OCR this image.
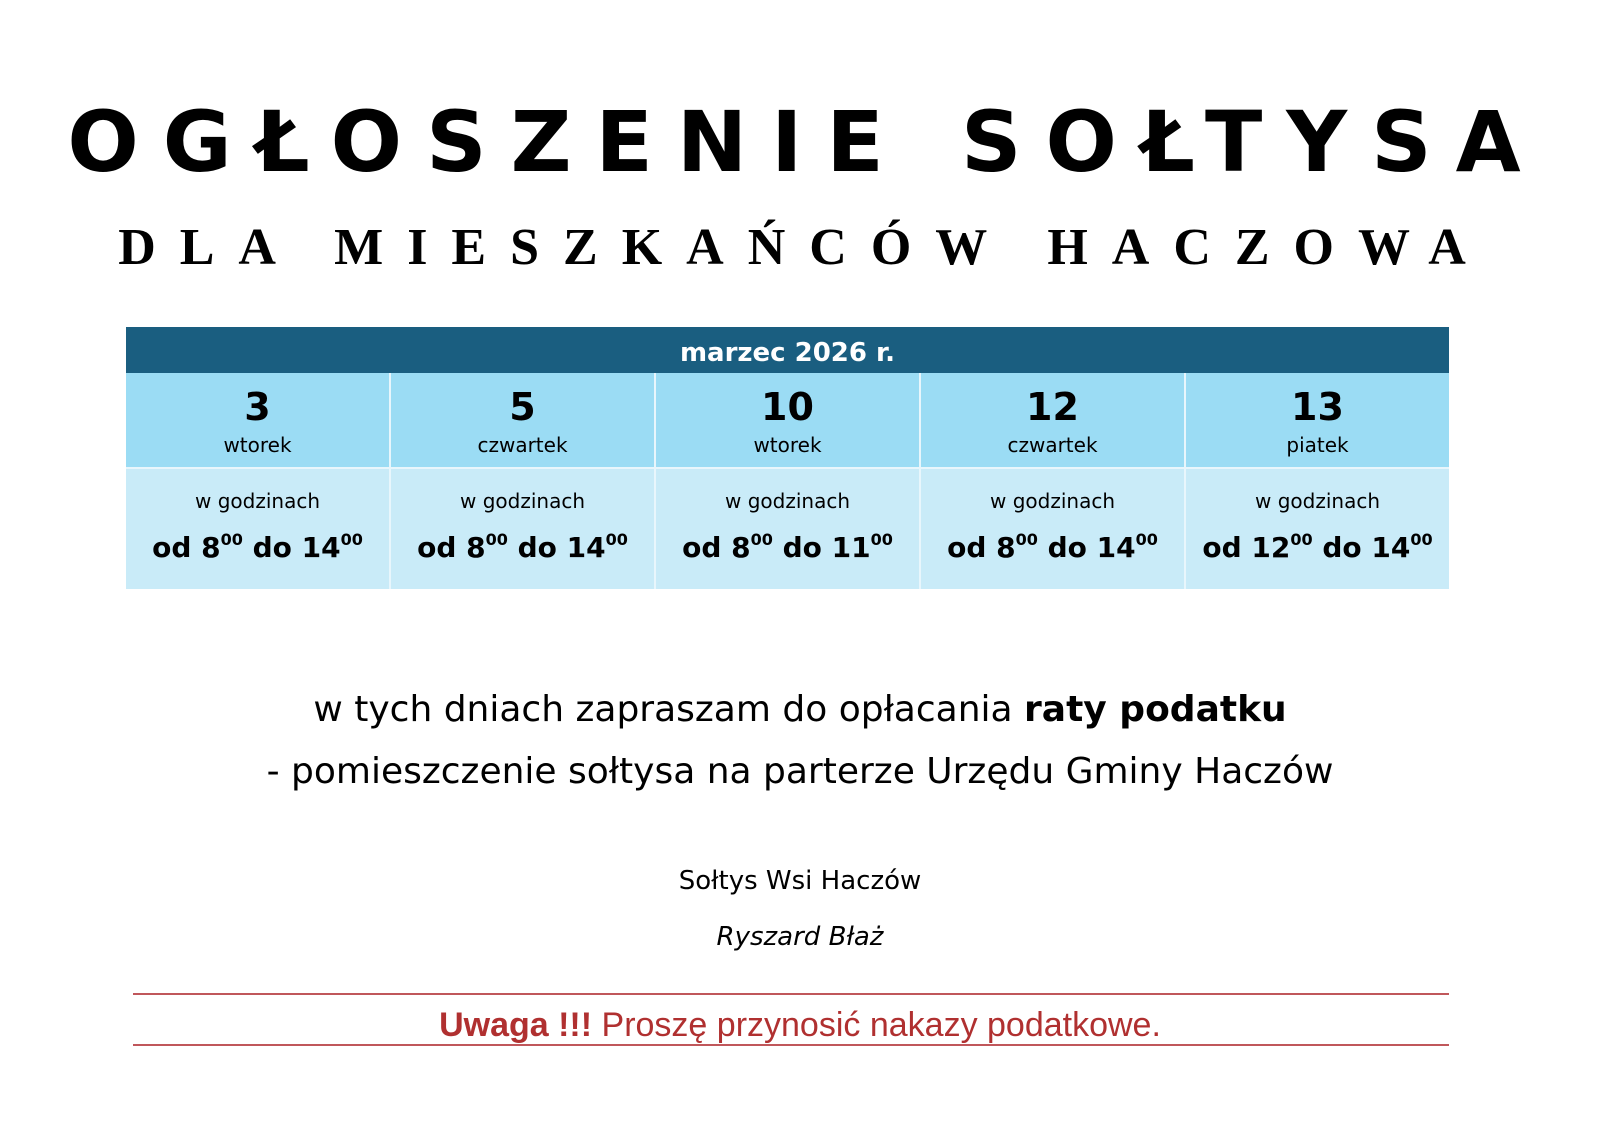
OGŁOSZENIE SOŁTYSA
DLA MIESZKAŃCÓW HACZOWA
marzec 2026 r.
3
wtorek
w godzinach
od $8^{00}$ do $14^{00}$
5
czwartek
w godzinach
od $8^{00}$ do $14^{00}$
10
wtorek
w godzinach
od $8^{00}$ do $11^{00}$
12
czwartek
w godzinach
od $8^{00}$ do $14^{00}$
13
piatek
w godzinach
od $12^{00}$ do $14^{00}$
w tych dniach zapraszam do opłacania raty podatku
- pomieszczenie sołtysa na parterze Urzędu Gminy Haczów
Sołtys Wsi Haczów
Ryszard Błaż
Uwaga !!! Proszę przynosić nakazy podatkowe.
